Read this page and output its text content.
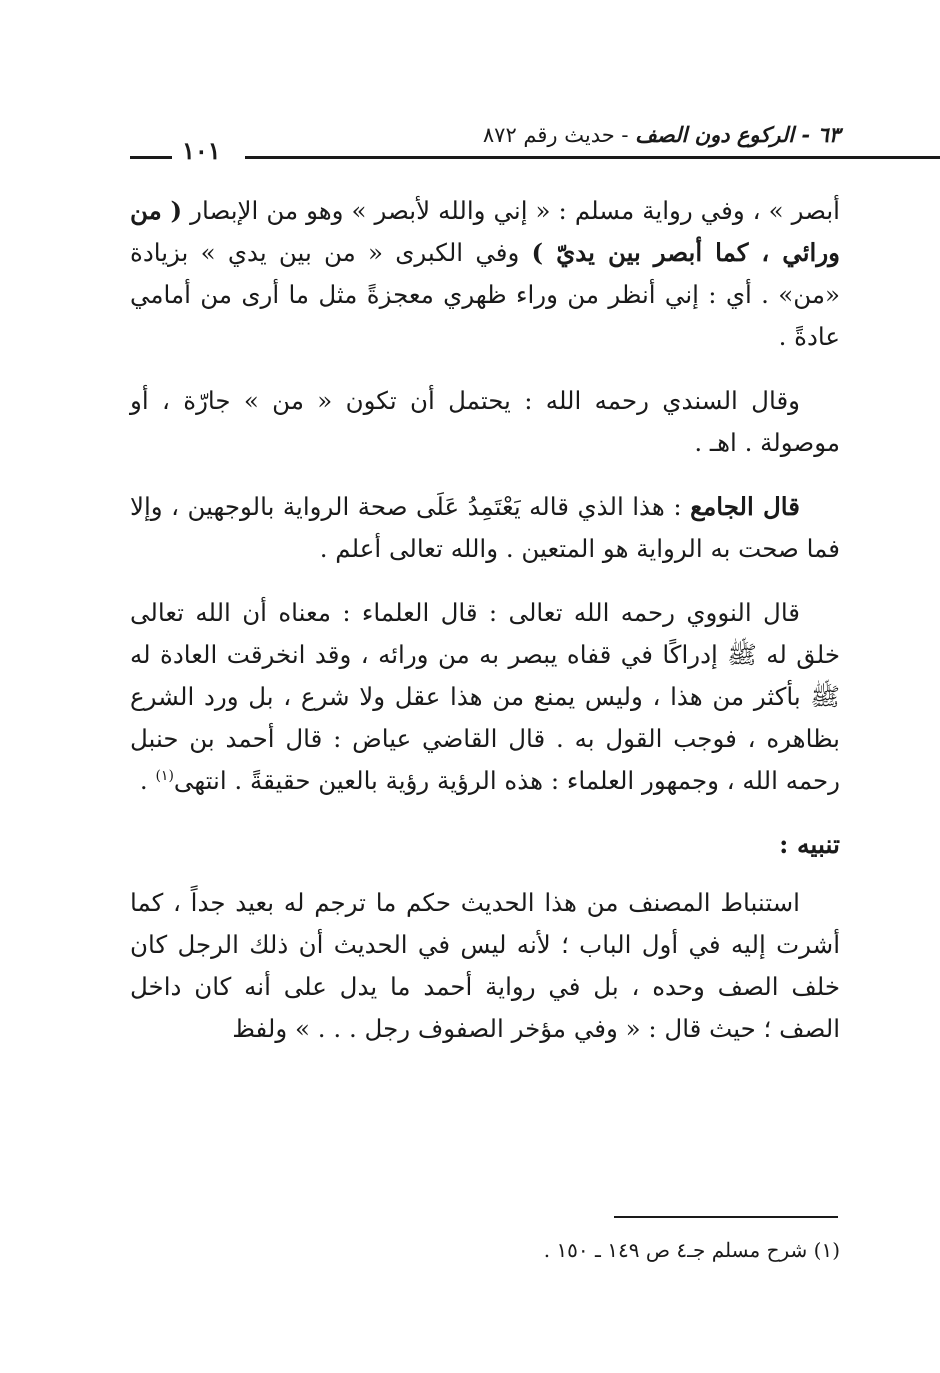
٦٣ - الركوع دون الصف - حديث رقم ٨٧٢
١٠١

أبصر » ، وفي رواية مسلم : « إني والله لأبصر » وهو من الإبصار ( من ورائي ، كما أبصر بين يديّ ) وفي الكبرى « من بين يدي » بزيادة «من» . أي : إني أنظر من وراء ظهري معجزةً مثل ما أرى من أمامي عادةً .

وقال السندي رحمه الله : يحتمل أن تكون « من » جارّة ، أو موصولة . اهـ .

قال الجامع : هذا الذي قاله يَعْتَمِدُ عَلَى صحة الرواية بالوجهين ، وإلا فما صحت به الرواية هو المتعين . والله تعالى أعلم .

قال النووي رحمه الله تعالى : قال العلماء : معناه أن الله تعالى خلق له ﷺ إدراكًا في قفاه يبصر به من ورائه ، وقد انخرقت العادة له ﷺ بأكثر من هذا ، وليس يمنع من هذا عقل ولا شرع ، بل ورد الشرع بظاهره ، فوجب القول به . قال القاضي عياض : قال أحمد بن حنبل رحمه الله ، وجمهور العلماء : هذه الرؤية رؤية بالعين حقيقةً . انتهى$^{(١)}$ .

تنبيه :

استنباط المصنف من هذا الحديث حكم ما ترجم له بعيد جداً ، كما أشرت إليه في أول الباب ؛ لأنه ليس في الحديث أن ذلك الرجل كان خلف الصف وحده ، بل في رواية أحمد ما يدل على أنه كان داخل الصف ؛ حيث قال : « وفي مؤخر الصفوف رجل . . . » ولفظ

(١) شرح مسلم جـ٤ ص ١٤٩ ـ ١٥٠ .
